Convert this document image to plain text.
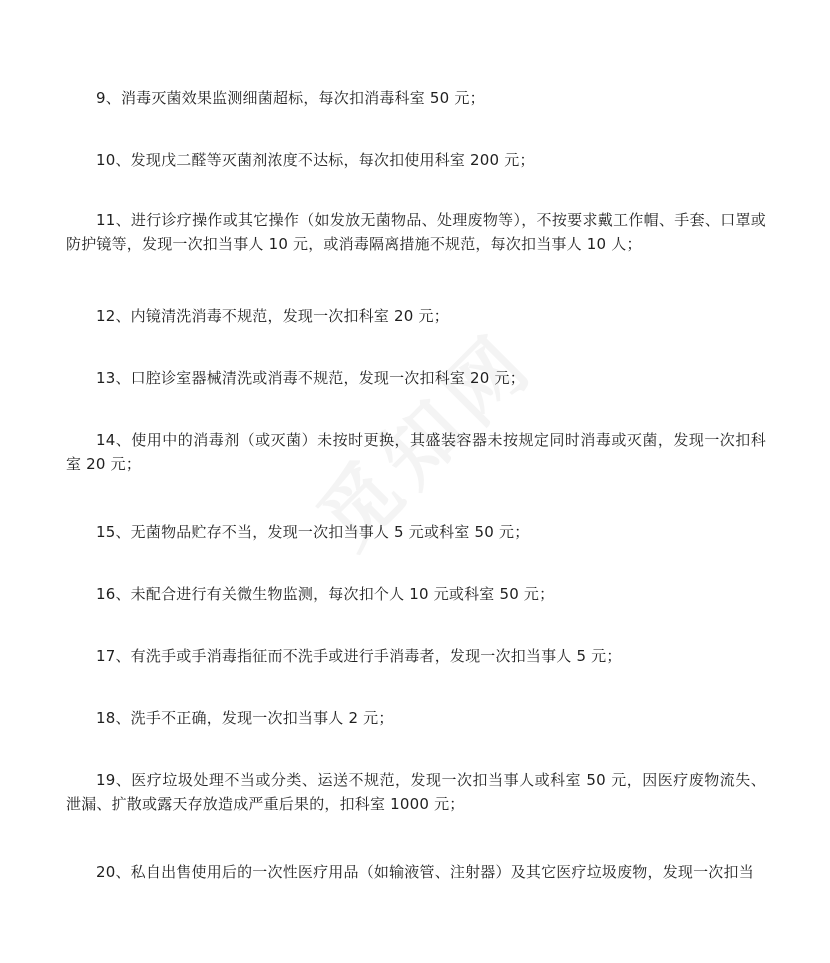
9、消毒灭菌效果监测细菌超标，每次扣消毒科室 50 元；

10、发现戊二醛等灭菌剂浓度不达标，每次扣使用科室 200 元；

11、进行诊疗操作或其它操作（如发放无菌物品、处理废物等），不按要求戴工作帽、手套、口罩或防护镜等，发现一次扣当事人 10 元，或消毒隔离措施不规范，每次扣当事人 10 人；

12、内镜清洗消毒不规范，发现一次扣科室 20 元；

13、口腔诊室器械清洗或消毒不规范，发现一次扣科室 20 元；

14、使用中的消毒剂（或灭菌）未按时更换，其盛装容器未按规定同时消毒或灭菌，发现一次扣科室 20 元；

15、无菌物品贮存不当，发现一次扣当事人 5 元或科室 50 元；

16、未配合进行有关微生物监测，每次扣个人 10 元或科室 50 元；

17、有洗手或手消毒指征而不洗手或进行手消毒者，发现一次扣当事人 5 元；

18、洗手不正确，发现一次扣当事人 2 元；

19、医疗垃圾处理不当或分类、运送不规范，发现一次扣当事人或科室 50 元，因医疗废物流失、泄漏、扩散或露天存放造成严重后果的，扣科室 1000 元；

20、私自出售使用后的一次性医疗用品（如输液管、注射器）及其它医疗垃圾废物，发现一次扣当
